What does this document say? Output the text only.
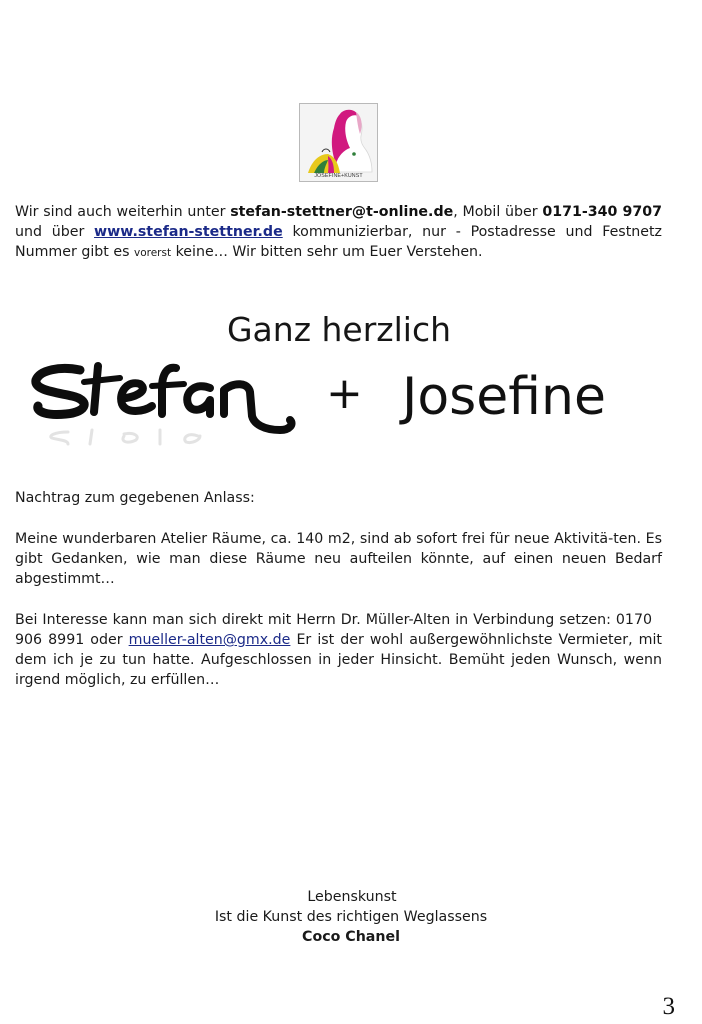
JOSEFINE+KUNST
Wir sind auch weiterhin unter stefan-stettner@t-online.de, Mobil über 0171-340 9707 und über www.stefan-stettner.de kommunizierbar, nur - Postadresse und Festnetz Nummer gibt es vorerst keine… Wir bitten sehr um Euer Verstehen.
Ganz herzlich
+ Josefine
Nachtrag zum gegebenen Anlass:
Meine wunderbaren Atelier Räume, ca. 140 m2, sind ab sofort frei für neue Aktivitä-ten. Es gibt Gedanken, wie man diese Räume neu aufteilen könnte, auf einen neuen Bedarf abgestimmt…
Bei Interesse kann man sich direkt mit Herrn Dr. Müller-Alten in Verbindung setzen: 0170906 8991 oder mueller-alten@gmx.de Er ist der wohl außergewöhnlichste Vermieter, mit dem ich je zu tun hatte. Aufgeschlossen in jeder Hinsicht. Bemüht jeden Wunsch, wenn irgend möglich, zu erfüllen…
Lebenskunst
Ist die Kunst des richtigen Weglassens
Coco Chanel
3
